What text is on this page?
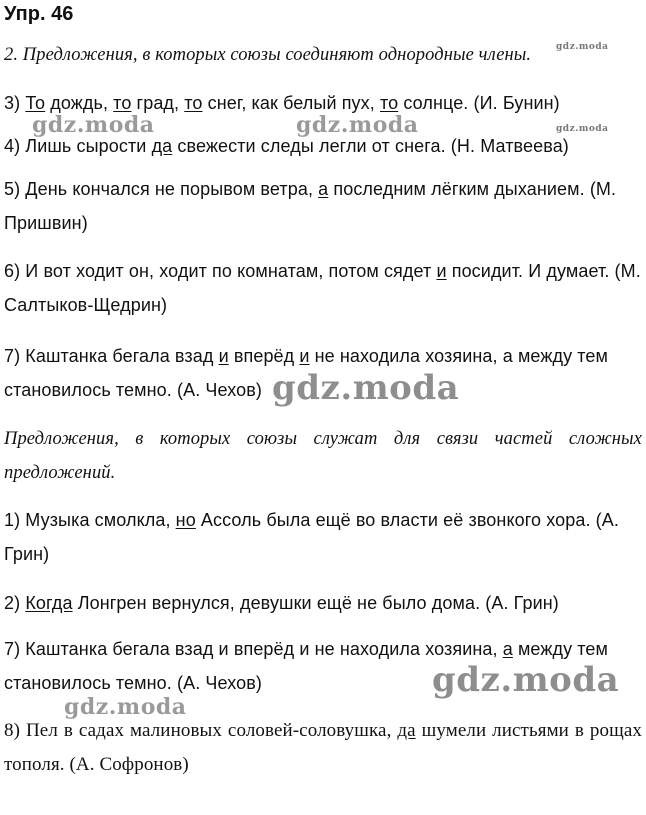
Упр. 46

2. Предложения, в которых союзы соединяют однородные члены.

3) То дождь, то град, то снег, как белый пух, то солнце. (И. Бунин)

4) Лишь сырости да свежести следы легли от снега. (Н. Матвеева)

5) День кончался не порывом ветра, а последним лёгким дыханием. (М. Пришвин)

6) И вот ходит он, ходит по комнатам, потом сядет и посидит. И думает. (М. Салтыков-Щедрин)

7) Каштанка бегала взад и вперёд и не находила хозяина, а между тем становилось темно. (А. Чехов)

Предложения, в которых союзы служат для связи частей сложных предложений.

1) Музыка смолкла, но Ассоль была ещё во власти её звонкого хора. (А. Грин)

2) Когда Лонгрен вернулся, девушки ещё не было дома. (А. Грин)

7) Каштанка бегала взад и вперёд и не находила хозяина, а между тем становилось темно. (А. Чехов)

8) Пел в садах малиновых соловей-соловушка, да шумели листьями в рощах тополя. (А. Софронов)

gdz.moda
gdz.moda	gdz.moda	gdz.moda
gdz.moda
gdz.moda
gdz.moda
